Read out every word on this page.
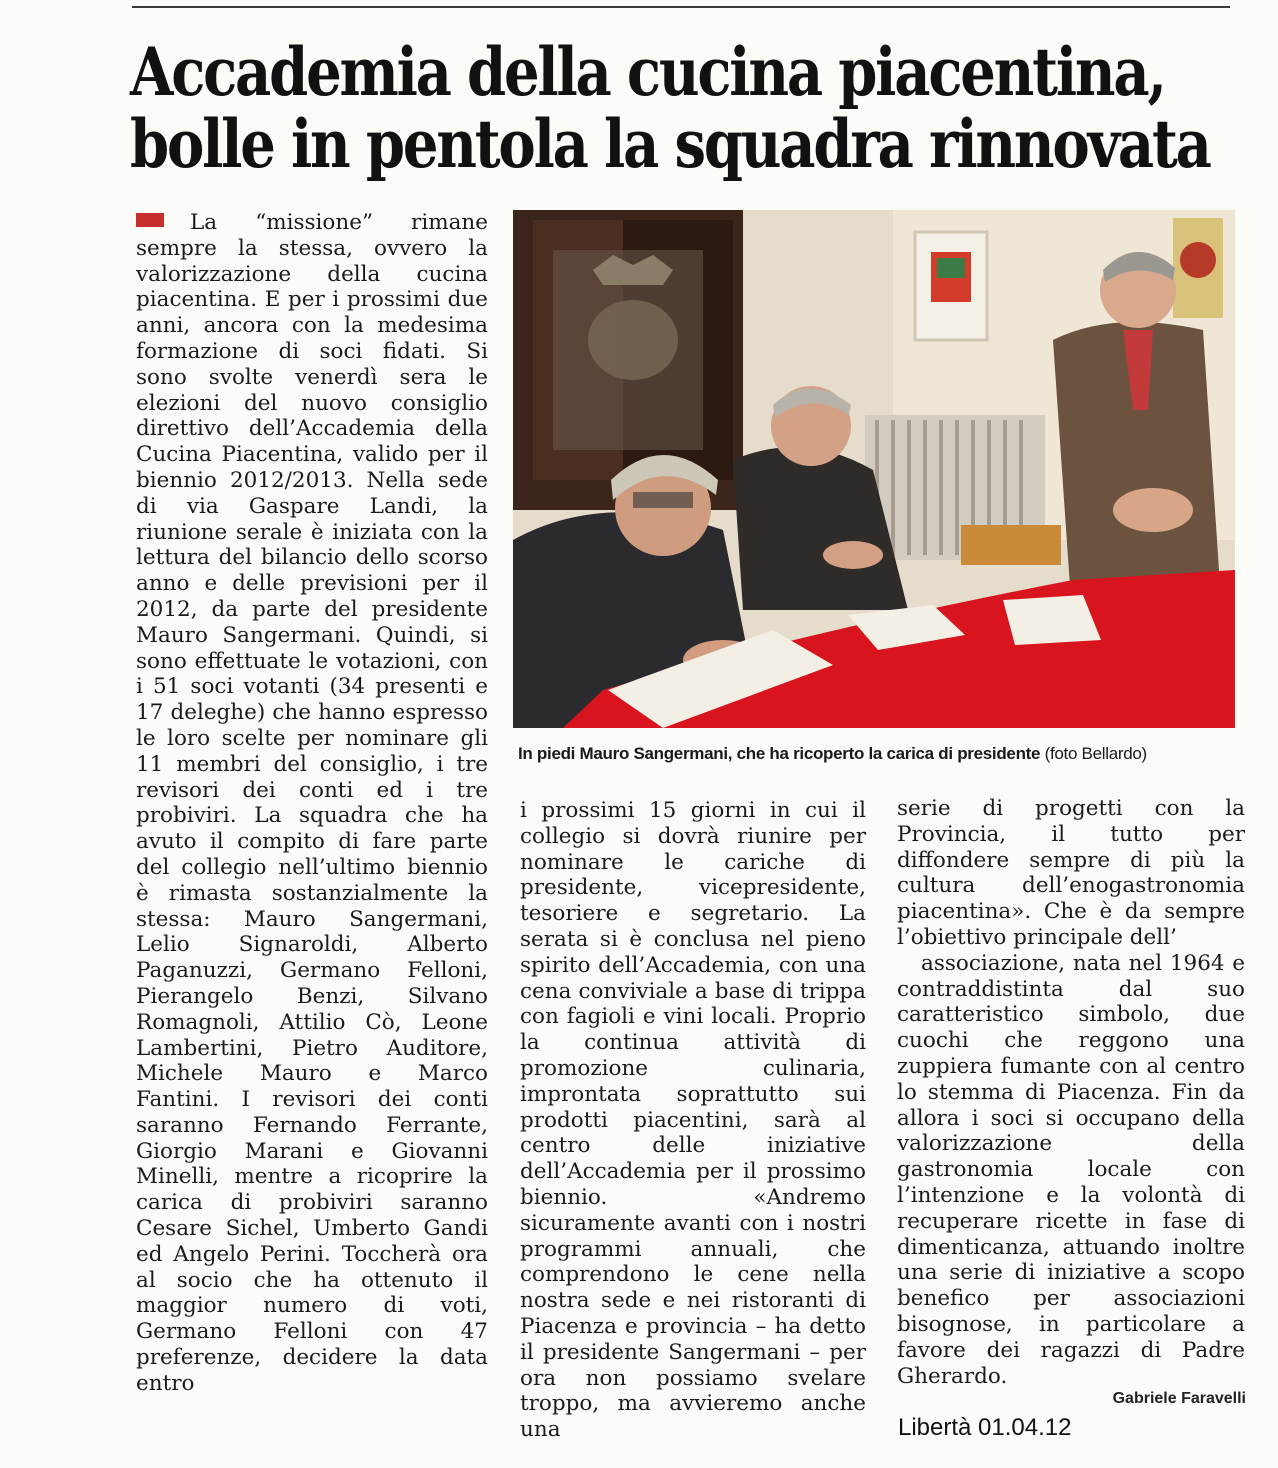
Accademia della cucina piacentina,
bolle in pentola la squadra rinnovata

La “missione” rimane sempre la stessa, ovvero la valorizzazione della cucina piacentina. E per i prossimi due anni, ancora con la medesima formazione di soci fidati. Si sono svolte venerdì sera le elezioni del nuovo consiglio direttivo dell’Accademia della Cucina Piacentina, valido per il biennio 2012/2013. Nella sede di via Gaspare Landi, la riunione serale è iniziata con la lettura del bilancio dello scorso anno e delle previsioni per il 2012, da parte del presidente Mauro Sangermani. Quindi, si sono effettuate le votazioni, con i 51 soci votanti (34 presenti e 17 deleghe) che hanno espresso le loro scelte per nominare gli 11 membri del consiglio, i tre revisori dei conti ed i tre probiviri. La squadra che ha avuto il compito di fare parte del collegio nell’ultimo biennio è rimasta sostanzialmente la stessa: Mauro Sangermani, Lelio Signaroldi, Alberto Paganuzzi, Germano Felloni, Pierangelo Benzi, Silvano Romagnoli, Attilio Cò, Leone Lambertini, Pietro Auditore, Michele Mauro e Marco Fantini. I revisori dei conti saranno Fernando Ferrante, Giorgio Marani e Giovanni Minelli, mentre a ricoprire la carica di probiviri saranno Cesare Sichel, Umberto Gandi ed Angelo Perini. Toccherà ora al socio che ha ottenuto il maggior numero di voti, Germano Felloni con 47 preferenze, decidere la data entro

In piedi Mauro Sangermani, che ha ricoperto la carica di presidente (foto Bellardo)

i prossimi 15 giorni in cui il collegio si dovrà riunire per nominare le cariche di presidente, vicepresidente, tesoriere e segretario. La serata si è conclusa nel pieno spirito dell’Accademia, con una cena conviviale a base di trippa con fagioli e vini locali. Proprio la continua attività di promozione culinaria, improntata soprattutto sui prodotti piacentini, sarà al centro delle iniziative dell’Accademia per il prossimo biennio. «Andremo sicuramente avanti con i nostri programmi annuali, che comprendono le cene nella nostra sede e nei ristoranti di Piacenza e provincia – ha detto il presidente Sangermani – per ora non possiamo svelare troppo, ma avvieremo anche una

serie di progetti con la Provincia, il tutto per diffondere sempre di più la cultura dell’enogastronomia piacentina». Che è da sempre l’obiettivo principale dell’

associazione, nata nel 1964 e contraddistinta dal suo caratteristico simbolo, due cuochi che reggono una zuppiera fumante con al centro lo stemma di Piacenza. Fin da allora i soci si occupano della valorizzazione della gastronomia locale con l’intenzione e la volontà di recuperare ricette in fase di dimenticanza, attuando inoltre una serie di iniziative a scopo benefico per associazioni bisognose, in particolare a favore dei ragazzi di Padre Gherardo.

Gabriele Faravelli
Libertà 01.04.12
